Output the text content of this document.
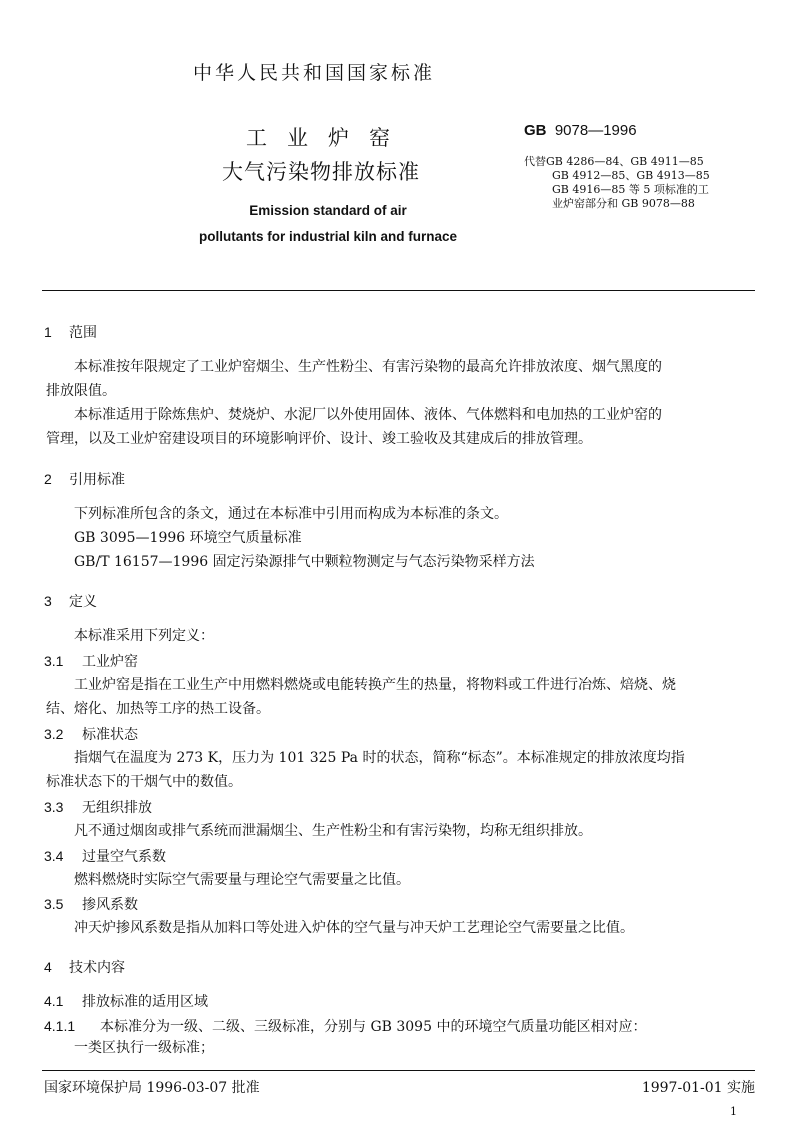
中华人民共和国国家标准
工业炉窑
大气污染物排放标准
Emission standard of air
pollutants for industrial kiln and furnace
GB 9078—1996
代替GB 4286—84、GB 4911—85
GB 4912—85、GB 4913—85
GB 4916—85 等 5 项标准的工
业炉窑部分和 GB 9078—88
1 范围
本标准按年限规定了工业炉窑烟尘、生产性粉尘、有害污染物的最高允许排放浓度、烟气黑度的
排放限值。
本标准适用于除炼焦炉、焚烧炉、水泥厂以外使用固体、液体、气体燃料和电加热的工业炉窑的
管理，以及工业炉窑建设项目的环境影响评价、设计、竣工验收及其建成后的排放管理。
2 引用标准
下列标准所包含的条文，通过在本标准中引用而构成为本标准的条文。
GB 3095—1996 环境空气质量标准
GB/T 16157—1996 固定污染源排气中颗粒物测定与气态污染物采样方法
3 定义
本标准采用下列定义：
3.1 工业炉窑
工业炉窑是指在工业生产中用燃料燃烧或电能转换产生的热量，将物料或工件进行冶炼、焙烧、烧
结、熔化、加热等工序的热工设备。
3.2 标准状态
指烟气在温度为 273 K，压力为 101 325 Pa 时的状态，简称“标态”。本标准规定的排放浓度均指
标准状态下的干烟气中的数值。
3.3 无组织排放
凡不通过烟囱或排气系统而泄漏烟尘、生产性粉尘和有害污染物，均称无组织排放。
3.4 过量空气系数
燃料燃烧时实际空气需要量与理论空气需要量之比值。
3.5 掺风系数
冲天炉掺风系数是指从加料口等处进入炉体的空气量与冲天炉工艺理论空气需要量之比值。
4 技术内容
4.1 排放标准的适用区域
4.1.1 本标准分为一级、二级、三级标准，分别与 GB 3095 中的环境空气质量功能区相对应：
一类区执行一级标准；
国家环境保护局 1996-03-07 批准	1997-01-01 实施
1
